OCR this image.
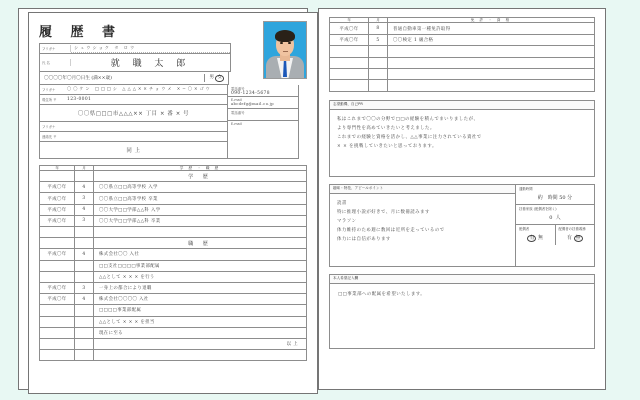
履 歴 書
フリガナ	シュウショク タ ロウ
氏 名	就 職 太 郎
〇〇〇〇年〇月〇日生 (満××歳)	男 女
フリガナ	〇〇ケン □□□シ △△△××チョウメ ×−〇×ゴウ
現住所 〒	123-0001
〇〇県□□□市△△△×× 丁目 × 番 × 号
フリガナ
連絡先 〒
同 上
電話番号
090-1234-5678
E-mail
abcdefg@mail.co.jp
電話番号
E-mail
年	月	学 歴 ・ 職 歴
		学 歴
平成〇年	4	〇〇県立□□高等学校 入学
平成〇年	3	〇〇県立□□高等学校 卒業
平成〇年	4	〇〇大学□□学部△△科 入学
平成〇年	3	〇〇大学□□学部△△科 卒業

		職 歴
平成〇年	4	株式会社〇〇 入社
		□□支社□□□□事業部配属
		△△として × × × を行う
平成〇年	3	一身上の都合により退職
平成〇年	4	株式会社〇〇〇〇 入社
		□□□□事業部配属
		△△として × × × を担当
		現在に至る
		以 上

年	月	免 許 ・ 資 格
平成〇年	8	普通自動車第一種免許取得
平成〇年	5	〇〇検定 1 級合格

志望動機、自己PR
私はこれまで〇〇の分野で□□の経験を積んでまいりましたが、
より専門性を高めていきたいと考えました。
これまでの経験と資格を活かし、△△事業に注力されている貴社で
× × を挑戦していきたいと思っております。
趣味・特技、アピールポイント
読書
特に推理小説が好きで、月に数冊読みます
マラソン
体力維持のため週に数回は近所を走っているので
体力には自信があります
通勤時間
約 時間 50 分
扶養家族 (配偶者を除く)
0 人
配偶者
有 無
配偶者の扶養義務
有 無
本人希望記入欄
□□事業部への配属を希望いたします。
